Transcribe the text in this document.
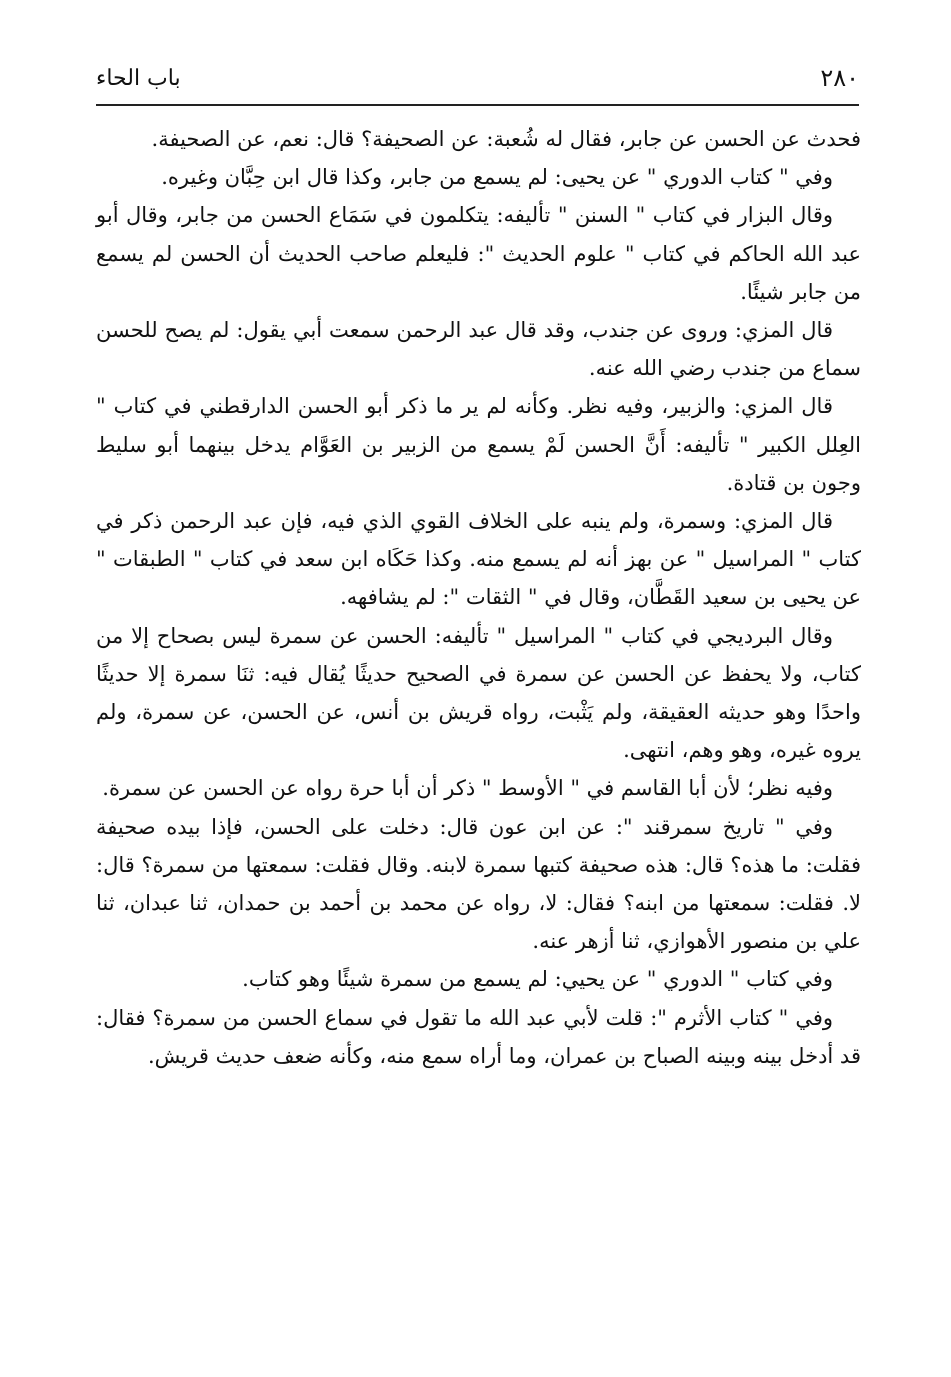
باب الحاء	٢٨٠

فحدث عن الحسن عن جابر، فقال له شُعبة: عن الصحيفة؟ قال: نعم، عن الصحيفة.

وفي " كتاب الدوري " عن يحيى: لم يسمع من جابر، وكذا قال ابن حِبَّان وغيره.

وقال البزار في كتاب " السنن " تأليفه: يتكلمون في سَمَاع الحسن من جابر، وقال أبو عبد الله الحاكم في كتاب " علوم الحديث ": فليعلم صاحب الحديث أن الحسن لم يسمع من جابر شيئًا.

قال المزي: وروى عن جندب، وقد قال عبد الرحمن سمعت أبي يقول: لم يصح للحسن سماع من جندب رضي الله عنه.

قال المزي: والزبير، وفيه نظر. وكأنه لم ير ما ذكر أبو الحسن الدارقطني في كتاب " العِلل الكبير " تأليفه: أَنَّ الحسن لَمْ يسمع من الزبير بن العَوَّام يدخل بينهما أبو سليط وجون بن قتادة.

قال المزي: وسمرة، ولم ينبه على الخلاف القوي الذي فيه، فإن عبد الرحمن ذكر في كتاب " المراسيل " عن بهز أنه لم يسمع منه. وكذا حَكَاه ابن سعد في كتاب " الطبقات " عن يحيى بن سعيد القَطَّان، وقال في " الثقات ": لم يشافهه.

وقال البرديجي في كتاب " المراسيل " تأليفه: الحسن عن سمرة ليس بصحاح إلا من كتاب، ولا يحفظ عن الحسن عن سمرة في الصحيح حديثًا يُقال فيه: ثنَا سمرة إلا حديثًا واحدًا وهو حديثه العقيقة، ولم يَثْبت، رواه قريش بن أنس، عن الحسن، عن سمرة، ولم يروه غيره، وهو وهم، انتهى.

وفيه نظر؛ لأن أبا القاسم في " الأوسط " ذكر أن أبا حرة رواه عن الحسن عن سمرة.

وفي " تاريخ سمرقند ": عن ابن عون قال: دخلت على الحسن، فإذا بيده صحيفة فقلت: ما هذه؟ قال: هذه صحيفة كتبها سمرة لابنه. وقال فقلت: سمعتها من سمرة؟ قال: لا. فقلت: سمعتها من ابنه؟ فقال: لا، رواه عن محمد بن أحمد بن حمدان، ثنا عبدان، ثنا علي بن منصور الأهوازي، ثنا أزهر عنه.

وفي كتاب " الدوري " عن يحيي: لم يسمع من سمرة شيئًا وهو كتاب.

وفي " كتاب الأثرم ": قلت لأبي عبد الله ما تقول في سماع الحسن من سمرة؟ فقال: قد أدخل بينه وبينه الصباح بن عمران، وما أراه سمع منه، وكأنه ضعف حديث قريش.
